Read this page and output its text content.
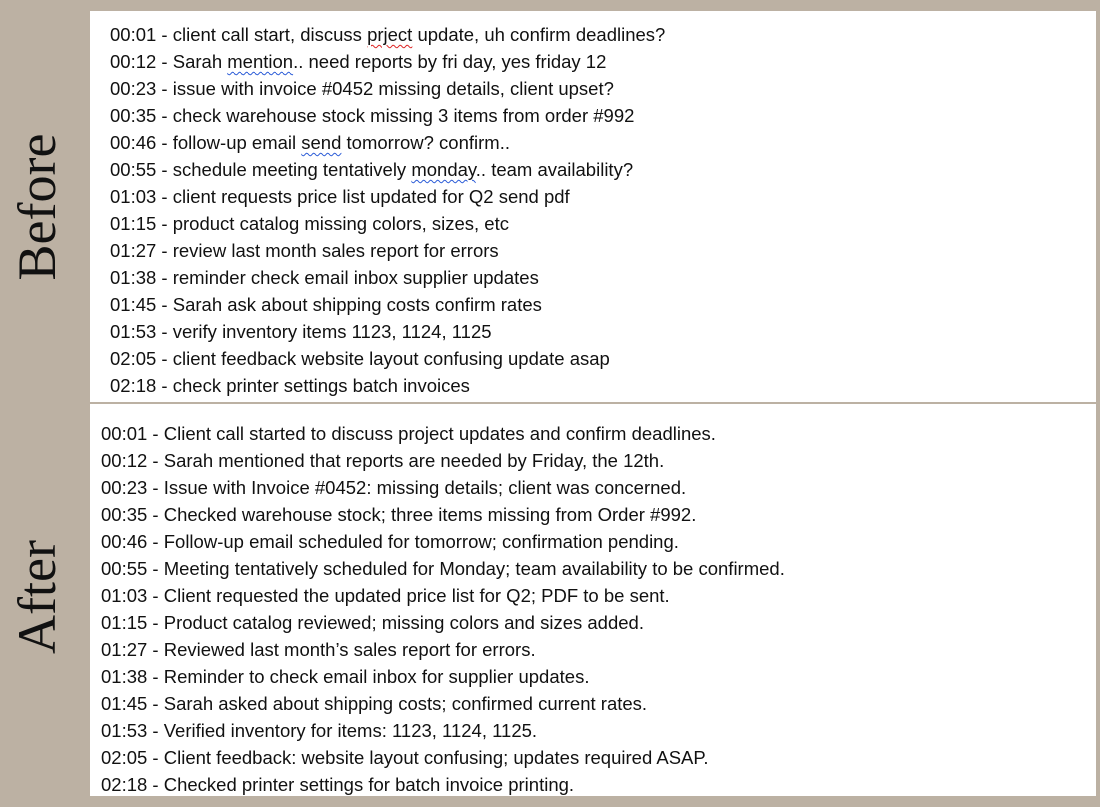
Before
After
00:01 - client call start, discuss prject update, uh confirm deadlines?
00:12 - Sarah mention.. need reports by fri day, yes friday 12
00:23 - issue with invoice #0452 missing details, client upset?
00:35 - check warehouse stock missing 3 items from order #992
00:46 - follow-up email send tomorrow? confirm..
00:55 - schedule meeting tentatively monday.. team availability?
01:03 - client requests price list updated for Q2 send pdf
01:15 - product catalog missing colors, sizes, etc
01:27 - review last month sales report for errors
01:38 - reminder check email inbox supplier updates
01:45 - Sarah ask about shipping costs confirm rates
01:53 - verify inventory items 1123, 1124, 1125
02:05 - client feedback website layout confusing update asap
02:18 - check printer settings batch invoices
00:01 - Client call started to discuss project updates and confirm deadlines.
00:12 - Sarah mentioned that reports are needed by Friday, the 12th.
00:23 - Issue with Invoice #0452: missing details; client was concerned.
00:35 - Checked warehouse stock; three items missing from Order #992.
00:46 - Follow-up email scheduled for tomorrow; confirmation pending.
00:55 - Meeting tentatively scheduled for Monday; team availability to be confirmed.
01:03 - Client requested the updated price list for Q2; PDF to be sent.
01:15 - Product catalog reviewed; missing colors and sizes added.
01:27 - Reviewed last month’s sales report for errors.
01:38 - Reminder to check email inbox for supplier updates.
01:45 - Sarah asked about shipping costs; confirmed current rates.
01:53 - Verified inventory for items: 1123, 1124, 1125.
02:05 - Client feedback: website layout confusing; updates required ASAP.
02:18 - Checked printer settings for batch invoice printing.
